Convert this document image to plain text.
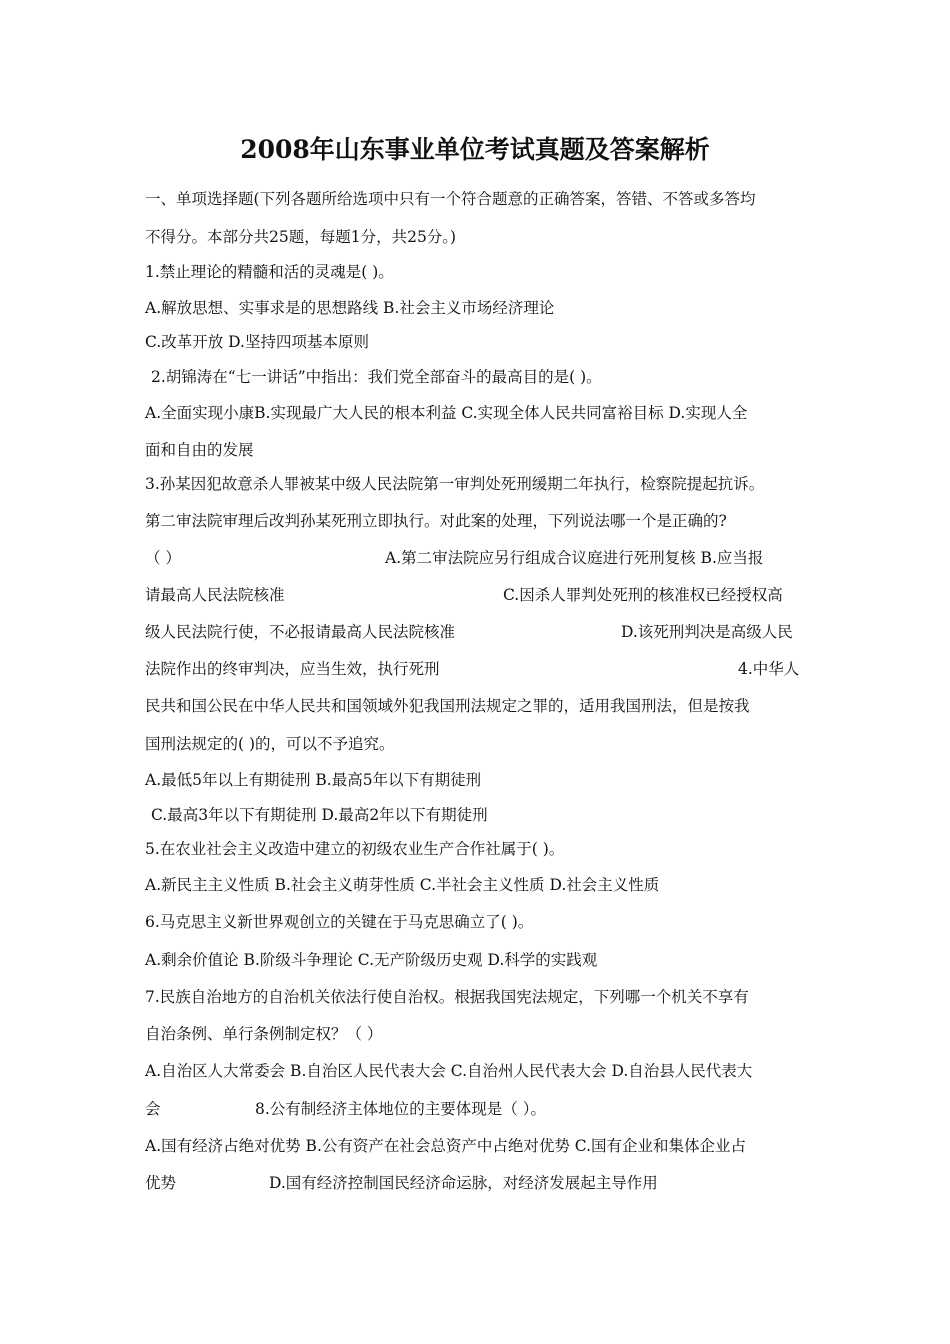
2008年山东事业单位考试真题及答案解析
一、单项选择题(下列各题所给选项中只有一个符合题意的正确答案，答错、不答或多答均
不得分。本部分共25题，每题1分，共25分。)
1.禁止理论的精髓和活的灵魂是( )。
A.解放思想、实事求是的思想路线 B.社会主义市场经济理论
C.改革开放 D.坚持四项基本原则
2.胡锦涛在“七一讲话”中指出：我们党全部奋斗的最高目的是( )。
A.全面实现小康B.实现最广大人民的根本利益 C.实现全体人民共同富裕目标 D.实现人全
面和自由的发展
3.孙某因犯故意杀人罪被某中级人民法院第一审判处死刑缓期二年执行，检察院提起抗诉。
第二审法院审理后改判孙某死刑立即执行。对此案的处理，下列说法哪一个是正确的?
（ ）	A.第二审法院应另行组成合议庭进行死刑复核 B.应当报
请最高人民法院核准	C.因杀人罪判处死刑的核准权已经授权高
级人民法院行使，不必报请最高人民法院核准	D.该死刑判决是高级人民
法院作出的终审判决，应当生效，执行死刑	4.中华人
民共和国公民在中华人民共和国领域外犯我国刑法规定之罪的，适用我国刑法，但是按我
国刑法规定的( )的，可以不予追究。
A.最低5年以上有期徒刑 B.最高5年以下有期徒刑
C.最高3年以下有期徒刑 D.最高2年以下有期徒刑
5.在农业社会主义改造中建立的初级农业生产合作社属于( )。
A.新民主主义性质 B.社会主义萌芽性质 C.半社会主义性质 D.社会主义性质
6.马克思主义新世界观创立的关键在于马克思确立了( )。
A.剩余价值论 B.阶级斗争理论 C.无产阶级历史观 D.科学的实践观
7.民族自治地方的自治机关依法行使自治权。根据我国宪法规定，下列哪一个机关不享有
自治条例、单行条例制定权？（ ）
A.自治区人大常委会 B.自治区人民代表大会 C.自治州人民代表大会 D.自治县人民代表大
会	8.公有制经济主体地位的主要体现是（ ）。
A.国有经济占绝对优势 B.公有资产在社会总资产中占绝对优势 C.国有企业和集体企业占
优势	D.国有经济控制国民经济命运脉，对经济发展起主导作用
